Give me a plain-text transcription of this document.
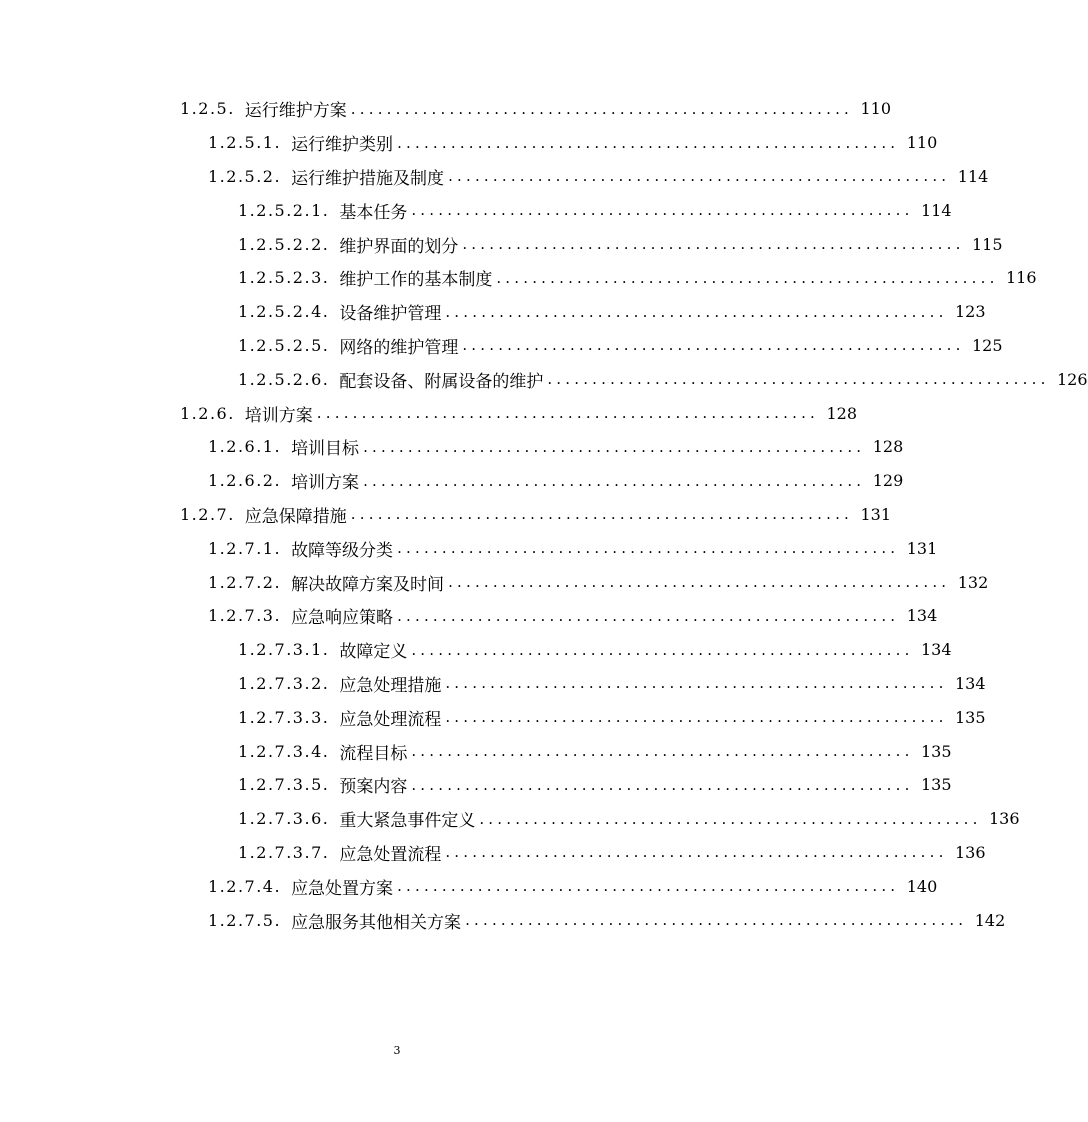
1.2.5. 运行维护方案 ........................................................ 110
1.2.5.1. 运行维护类别 ........................................................ 110
1.2.5.2. 运行维护措施及制度 ........................................................ 114
1.2.5.2.1. 基本任务 ........................................................ 114
1.2.5.2.2. 维护界面的划分 ........................................................ 115
1.2.5.2.3. 维护工作的基本制度 ........................................................ 116
1.2.5.2.4. 设备维护管理 ........................................................ 123
1.2.5.2.5. 网络的维护管理 ........................................................ 125
1.2.5.2.6. 配套设备、附属设备的维护 ........................................................ 126
1.2.6. 培训方案 ........................................................ 128
1.2.6.1. 培训目标 ........................................................ 128
1.2.6.2. 培训方案 ........................................................ 129
1.2.7. 应急保障措施 ........................................................ 131
1.2.7.1. 故障等级分类 ........................................................ 131
1.2.7.2. 解决故障方案及时间 ........................................................ 132
1.2.7.3. 应急响应策略 ........................................................ 134
1.2.7.3.1. 故障定义 ........................................................ 134
1.2.7.3.2. 应急处理措施 ........................................................ 134
1.2.7.3.3. 应急处理流程 ........................................................ 135
1.2.7.3.4. 流程目标 ........................................................ 135
1.2.7.3.5. 预案内容 ........................................................ 135
1.2.7.3.6. 重大紧急事件定义 ........................................................ 136
1.2.7.3.7. 应急处置流程 ........................................................ 136
1.2.7.4. 应急处置方案 ........................................................ 140
1.2.7.5. 应急服务其他相关方案 ........................................................ 142
3
